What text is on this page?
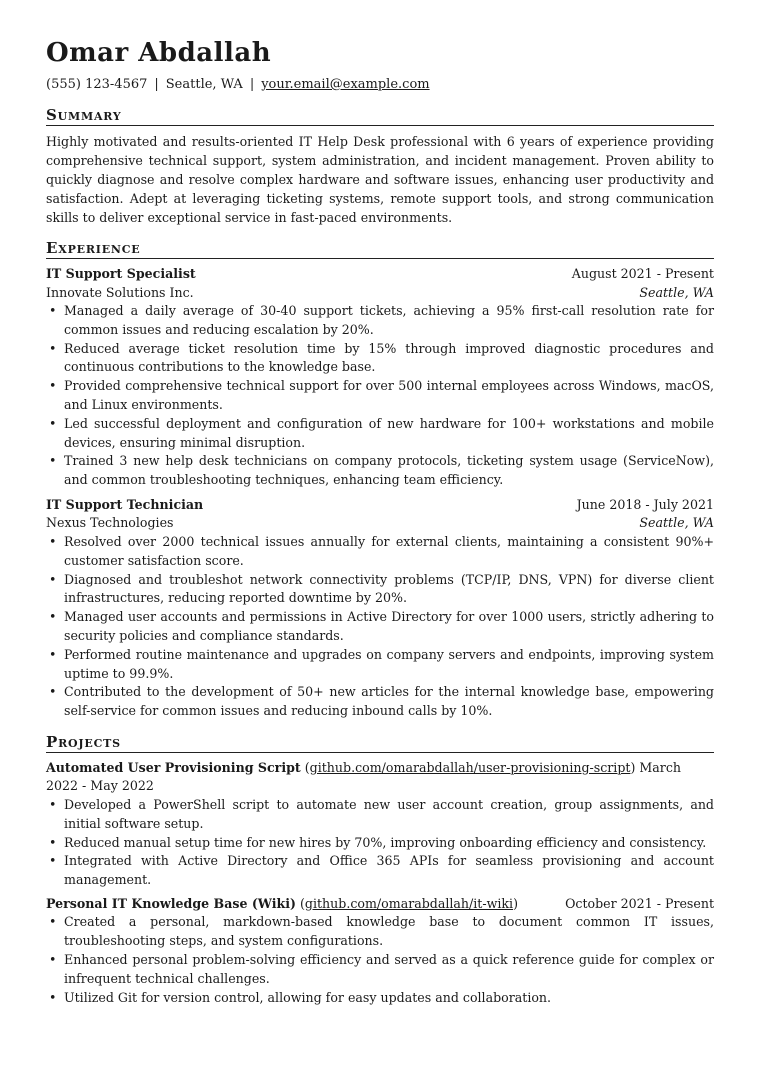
Omar Abdallah
(555) 123-4567 | Seattle, WA | your.email@example.com
Summary

Highly motivated and results-oriented IT Help Desk professional with 6 years of experience providing comprehensive technical support, system administration, and incident management. Proven ability to quickly diagnose and resolve complex hardware and software issues, enhancing user productivity and satisfaction. Adept at leveraging ticketing systems, remote support tools, and strong communication skills to deliver exceptional service in fast-paced environments.

Experience
IT Support Specialist	August 2021 - Present
Innovate Solutions Inc.	Seattle, WA
• Managed a daily average of 30-40 support tickets, achieving a 95% first-call resolution rate for common issues and reducing escalation by 20%.
• Reduced average ticket resolution time by 15% through improved diagnostic procedures and continuous contributions to the knowledge base.
• Provided comprehensive technical support for over 500 internal employees across Windows, macOS, and Linux environments.
• Led successful deployment and configuration of new hardware for 100+ workstations and mobile devices, ensuring minimal disruption.
• Trained 3 new help desk technicians on company protocols, ticketing system usage (ServiceNow), and common troubleshooting techniques, enhancing team efficiency.
IT Support Technician	June 2018 - July 2021
Nexus Technologies	Seattle, WA
• Resolved over 2000 technical issues annually for external clients, maintaining a consistent 90%+ customer satisfaction score.
• Diagnosed and troubleshot network connectivity problems (TCP/IP, DNS, VPN) for diverse client infrastructures, reducing reported downtime by 20%.
• Managed user accounts and permissions in Active Directory for over 1000 users, strictly adhering to security policies and compliance standards.
• Performed routine maintenance and upgrades on company servers and endpoints, improving system uptime to 99.9%.
• Contributed to the development of 50+ new articles for the internal knowledge base, empowering self-service for common issues and reducing inbound calls by 10%.
Projects
Automated User Provisioning Script (github.com/omarabdallah/user-provisioning-script) March 2022 - May 2022
• Developed a PowerShell script to automate new user account creation, group assignments, and initial software setup.
• Reduced manual setup time for new hires by 70%, improving onboarding efficiency and consistency.
• Integrated with Active Directory and Office 365 APIs for seamless provisioning and account management.
Personal IT Knowledge Base (Wiki) (github.com/omarabdallah/it-wiki)	October 2021 - Present
• Created a personal, markdown-based knowledge base to document common IT issues, troubleshooting steps, and system configurations.
• Enhanced personal problem-solving efficiency and served as a quick reference guide for complex or infrequent technical challenges.
• Utilized Git for version control, allowing for easy updates and collaboration.
